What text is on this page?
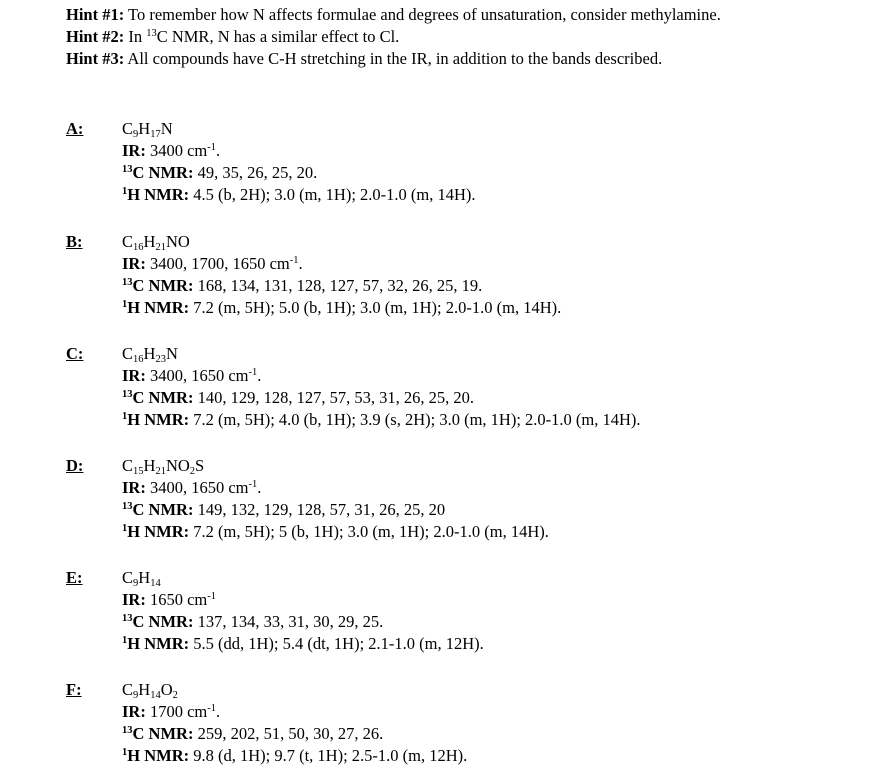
Hint #1: To remember how N affects formulae and degrees of unsaturation, consider methylamine.
Hint #2: In $^{13}$C NMR, N has a similar effect to Cl.
Hint #3: All compounds have C-H stretching in the IR, in addition to the bands described.
A: $C_9H_{17}N$
IR: 3400 $cm^{-1}$.
$^{13}$C NMR: 49, 35, 26, 25, 20.
$^1$H NMR: 4.5 (b, 2H); 3.0 (m, 1H); 2.0-1.0 (m, 14H).
B: $C_{16}H_{21}NO$
IR: 3400, 1700, 1650 $cm^{-1}$.
$^{13}$C NMR: 168, 134, 131, 128, 127, 57, 32, 26, 25, 19.
$^1$H NMR: 7.2 (m, 5H); 5.0 (b, 1H); 3.0 (m, 1H); 2.0-1.0 (m, 14H).
C: $C_{16}H_{23}N$
IR: 3400, 1650 $cm^{-1}$.
$^{13}$C NMR: 140, 129, 128, 127, 57, 53, 31, 26, 25, 20.
$^1$H NMR: 7.2 (m, 5H); 4.0 (b, 1H); 3.9 (s, 2H); 3.0 (m, 1H); 2.0-1.0 (m, 14H).
D: $C_{15}H_{21}NO_2S$
IR: 3400, 1650 $cm^{-1}$.
$^{13}$C NMR: 149, 132, 129, 128, 57, 31, 26, 25, 20
$^1$H NMR: 7.2 (m, 5H); 5 (b, 1H); 3.0 (m, 1H); 2.0-1.0 (m, 14H).
E: $C_9H_{14}$
IR: 1650 $cm^{-1}$
$^{13}$C NMR: 137, 134, 33, 31, 30, 29, 25.
$^1$H NMR: 5.5 (dd, 1H); 5.4 (dt, 1H); 2.1-1.0 (m, 12H).
F: $C_9H_{14}O_2$
IR: 1700 $cm^{-1}$.
$^{13}$C NMR: 259, 202, 51, 50, 30, 27, 26.
$^1$H NMR: 9.8 (d, 1H); 9.7 (t, 1H); 2.5-1.0 (m, 12H).
